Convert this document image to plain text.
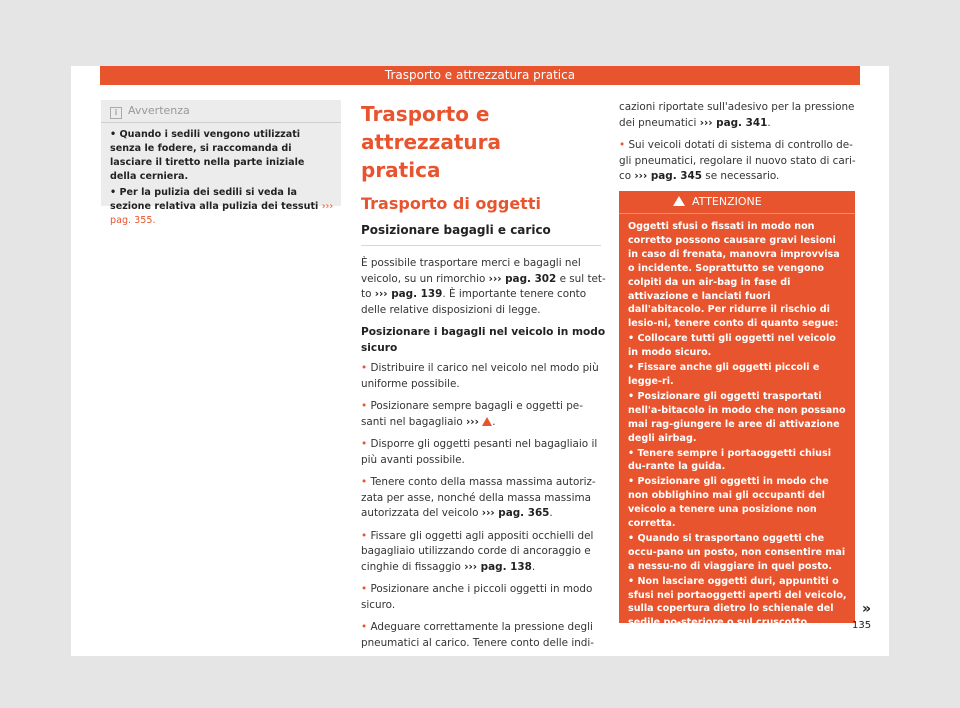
Trasporto e attrezzatura pratica
i Avvertenza

• Quando i sedili vengono utilizzati senza le fodere, si raccomanda di lasciare il tiretto nella parte iniziale della cerniera.

• Per la pulizia dei sedili si veda la sezione relativa alla pulizia dei tessuti ››› pag. 355.

Trasporto e attrezzatura
pratica
Trasporto di oggetti
Posizionare bagagli e carico

È possibile trasportare merci e bagagli nel veicolo, su un rimorchio ››› pag. 302 e sul tet-to ››› pag. 139. È importante tenere conto delle relative disposizioni di legge.

Posizionare i bagagli nel veicolo in modo sicuro

• Distribuire il carico nel veicolo nel modo più uniforme possibile.

• Posizionare sempre bagagli e oggetti pe-santi nel bagagliaio ››› .

• Disporre gli oggetti pesanti nel bagagliaio il più avanti possibile.

• Tenere conto della massa massima autoriz-zata per asse, nonché della massa massima autorizzata del veicolo ››› pag. 365.

• Fissare gli oggetti agli appositi occhielli del bagagliaio utilizzando corde di ancoraggio e cinghie di fissaggio ››› pag. 138.

• Posizionare anche i piccoli oggetti in modo sicuro.

• Adeguare correttamente la pressione degli pneumatici al carico. Tenere conto delle indi-

cazioni riportate sull'adesivo per la pressione dei pneumatici ››› pag. 341.

• Sui veicoli dotati di sistema di controllo de-gli pneumatici, regolare il nuovo stato di cari-co ››› pag. 345 se necessario.

ATTENZIONE

Oggetti sfusi o fissati in modo non corretto possono causare gravi lesioni in caso di frenata, manovra improvvisa o incidente. Soprattutto se vengono colpiti da un air-bag in fase di attivazione e lanciati fuori dall'abitacolo. Per ridurre il rischio di lesio-ni, tenere conto di quanto segue:

• Collocare tutti gli oggetti nel veicolo in modo sicuro.

• Fissare anche gli oggetti piccoli e legge-ri.

• Posizionare gli oggetti trasportati nell'a-bitacolo in modo che non possano mai rag-giungere le aree di attivazione degli airbag.

• Tenere sempre i portaoggetti chiusi du-rante la guida.

• Posizionare gli oggetti in modo che non obblighino mai gli occupanti del veicolo a tenere una posizione non corretta.

• Quando si trasportano oggetti che occu-pano un posto, non consentire mai a nessu-no di viaggiare in quel posto.

• Non lasciare oggetti duri, appuntiti o sfusi nei portaoggetti aperti del veicolo, sulla copertura dietro lo schienale del sedile po-steriore o sul cruscotto.

»
135
